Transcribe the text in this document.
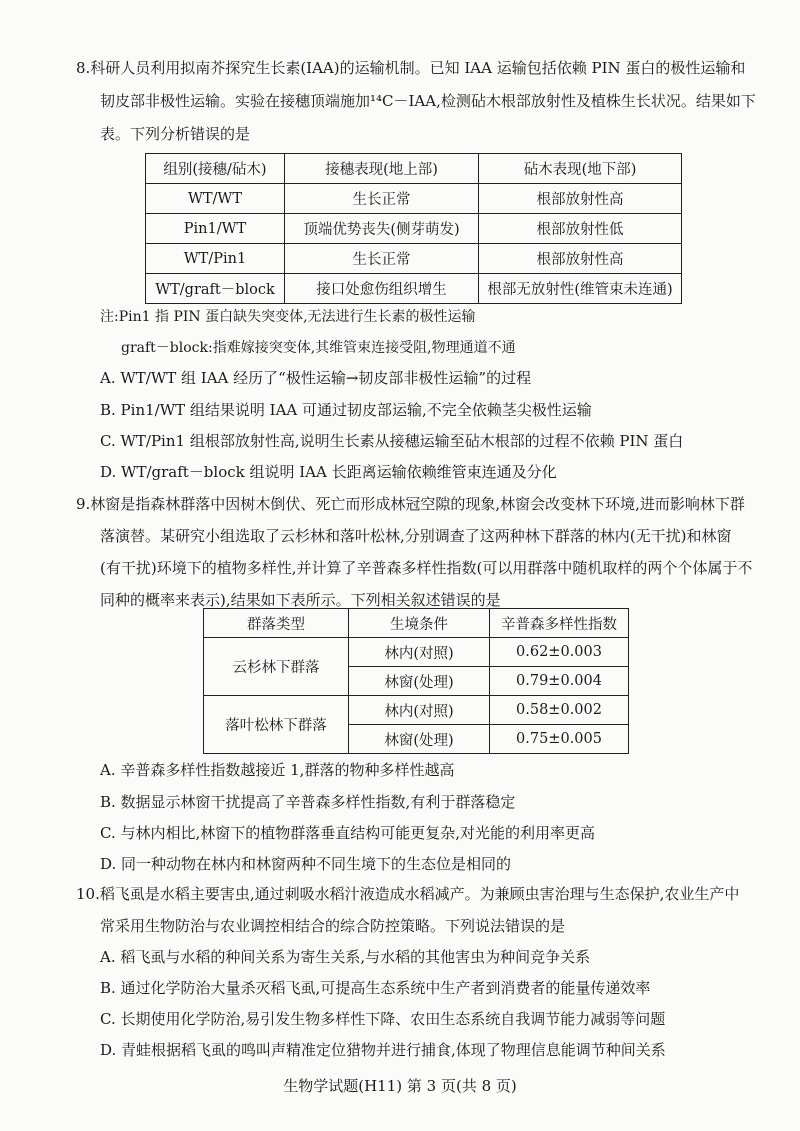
8.科研人员利用拟南芥探究生长素(IAA)的运输机制。已知 IAA 运输包括依赖 PIN 蛋白的极性运输和
韧皮部非极性运输。实验在接穗顶端施加¹⁴C－IAA,检测砧木根部放射性及植株生长状况。结果如下
表。下列分析错误的是
组别(接穗/砧木)	接穗表现(地上部)	砧木表现(地下部)
WT/WT	生长正常	根部放射性高
Pin1/WT	顶端优势丧失(侧芽萌发)	根部放射性低
WT/Pin1	生长正常	根部放射性高
WT/graft－block	接口处愈伤组织增生	根部无放射性(维管束未连通)
注:Pin1 指 PIN 蛋白缺失突变体,无法进行生长素的极性运输
graft－block:指难嫁接突变体,其维管束连接受阻,物理通道不通
A. WT/WT 组 IAA 经历了“极性运输→韧皮部非极性运输”的过程
B. Pin1/WT 组结果说明 IAA 可通过韧皮部运输,不完全依赖茎尖极性运输
C. WT/Pin1 组根部放射性高,说明生长素从接穗运输至砧木根部的过程不依赖 PIN 蛋白
D. WT/graft－block 组说明 IAA 长距离运输依赖维管束连通及分化
9.林窗是指森林群落中因树木倒伏、死亡而形成林冠空隙的现象,林窗会改变林下环境,进而影响林下群
落演替。某研究小组选取了云杉林和落叶松林,分别调查了这两种林下群落的林内(无干扰)和林窗
(有干扰)环境下的植物多样性,并计算了辛普森多样性指数(可以用群落中随机取样的两个个体属于不
同种的概率来表示),结果如下表所示。下列相关叙述错误的是
群落类型	生境条件	辛普森多样性指数
云杉林下群落	林内(对照)	0.62±0.003
	林窗(处理)	0.79±0.004
落叶松林下群落	林内(对照)	0.58±0.002
	林窗(处理)	0.75±0.005
A. 辛普森多样性指数越接近 1,群落的物种多样性越高
B. 数据显示林窗干扰提高了辛普森多样性指数,有利于群落稳定
C. 与林内相比,林窗下的植物群落垂直结构可能更复杂,对光能的利用率更高
D. 同一种动物在林内和林窗两种不同生境下的生态位是相同的
10.稻飞虱是水稻主要害虫,通过刺吸水稻汁液造成水稻减产。为兼顾虫害治理与生态保护,农业生产中
常采用生物防治与农业调控相结合的综合防控策略。下列说法错误的是
A. 稻飞虱与水稻的种间关系为寄生关系,与水稻的其他害虫为种间竞争关系
B. 通过化学防治大量杀灭稻飞虱,可提高生态系统中生产者到消费者的能量传递效率
C. 长期使用化学防治,易引发生物多样性下降、农田生态系统自我调节能力减弱等问题
D. 青蛙根据稻飞虱的鸣叫声精准定位猎物并进行捕食,体现了物理信息能调节种间关系
生物学试题(H11) 第 3 页(共 8 页)
